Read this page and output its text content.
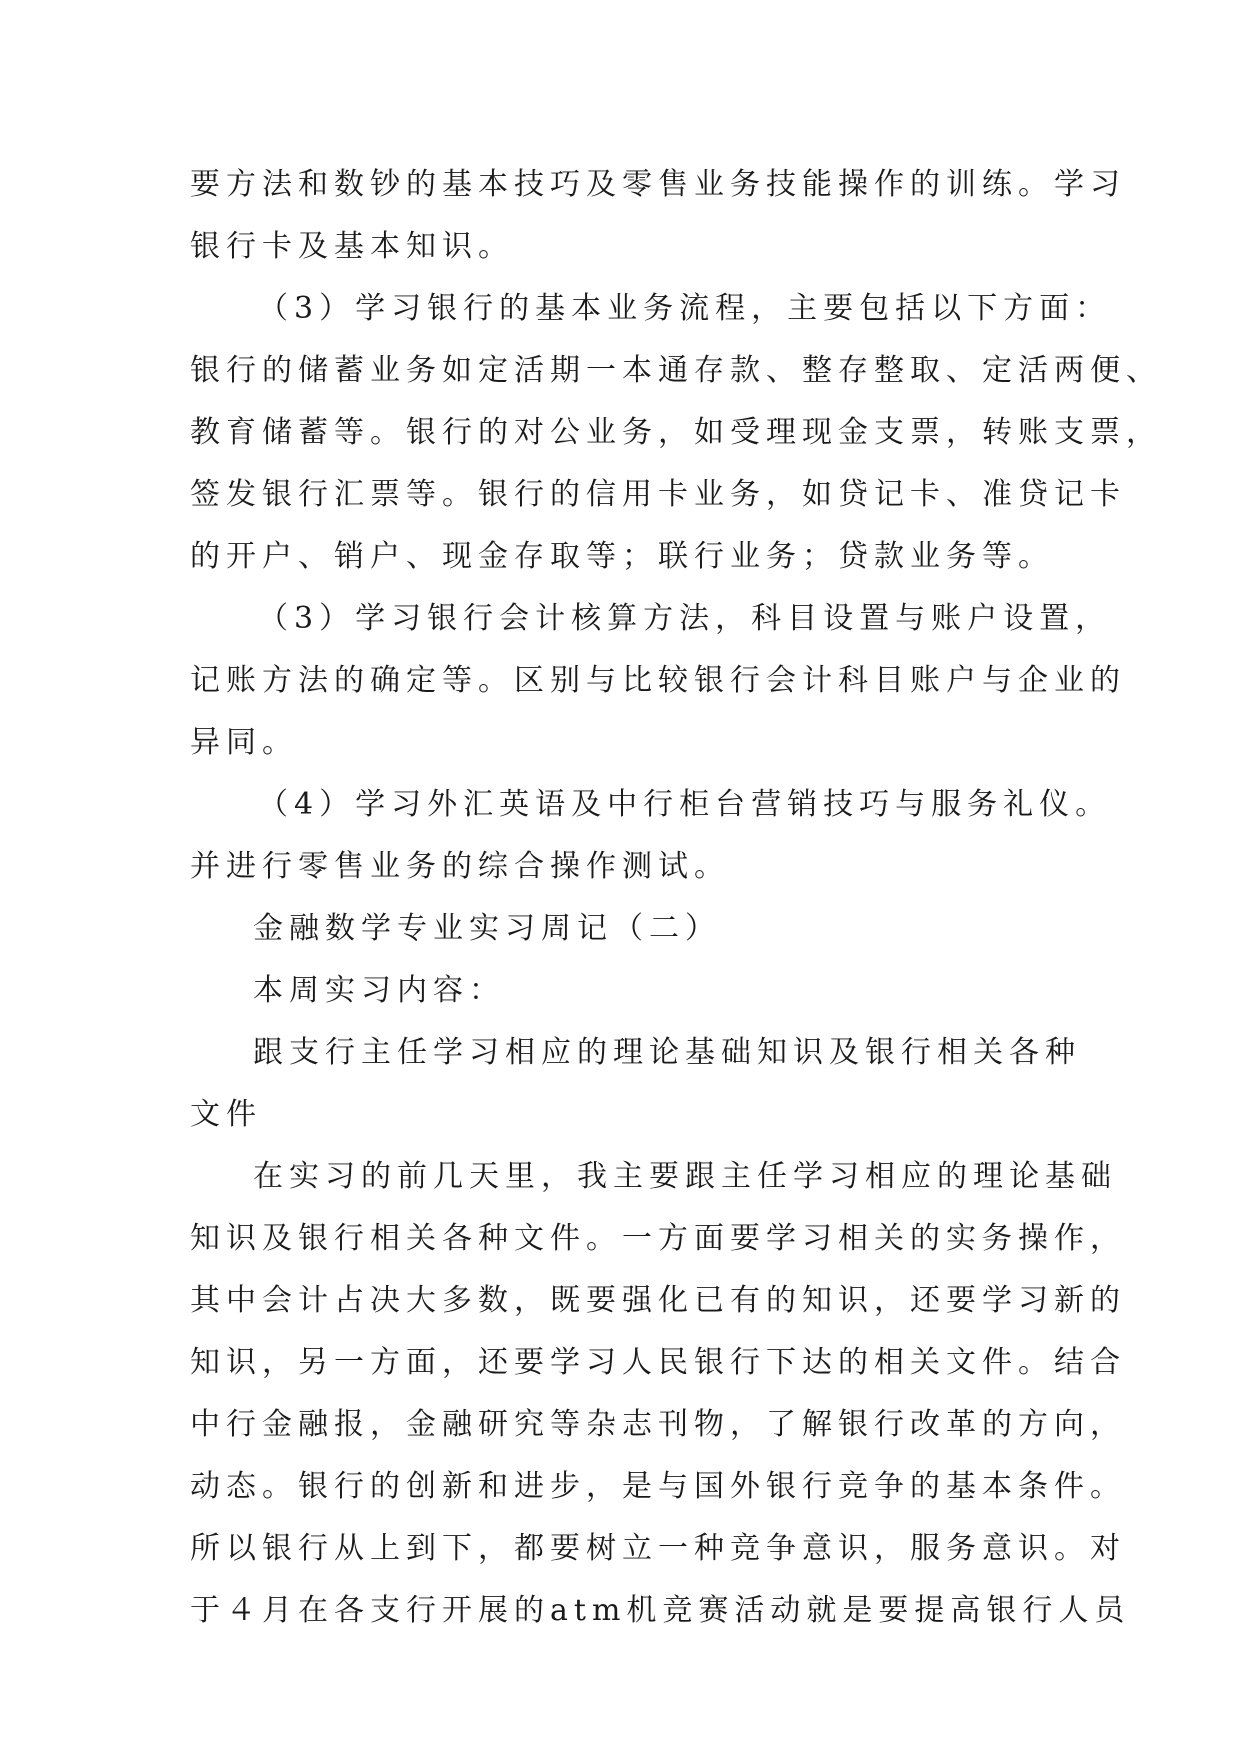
要方法和数钞的基本技巧及零售业务技能操作的训练。学习
银行卡及基本知识。
（3）学习银行的基本业务流程，主要包括以下方面：
银行的储蓄业务如定活期一本通存款、整存整取、定活两便、
教育储蓄等。银行的对公业务，如受理现金支票，转账支票，
签发银行汇票等。银行的信用卡业务，如贷记卡、准贷记卡
的开户、销户、现金存取等；联行业务；贷款业务等。
（3）学习银行会计核算方法，科目设置与账户设置，
记账方法的确定等。区别与比较银行会计科目账户与企业的
异同。
（4）学习外汇英语及中行柜台营销技巧与服务礼仪。
并进行零售业务的综合操作测试。
金融数学专业实习周记（二）
本周实习内容：
跟支行主任学习相应的理论基础知识及银行相关各种
文件
在实习的前几天里，我主要跟主任学习相应的理论基础
知识及银行相关各种文件。一方面要学习相关的实务操作，
其中会计占决大多数，既要强化已有的知识，还要学习新的
知识，另一方面，还要学习人民银行下达的相关文件。结合
中行金融报，金融研究等杂志刊物，了解银行改革的方向，
动态。银行的创新和进步，是与国外银行竞争的基本条件。
所以银行从上到下，都要树立一种竞争意识，服务意识。对
于４月在各支行开展的atm机竞赛活动就是要提高银行人员
